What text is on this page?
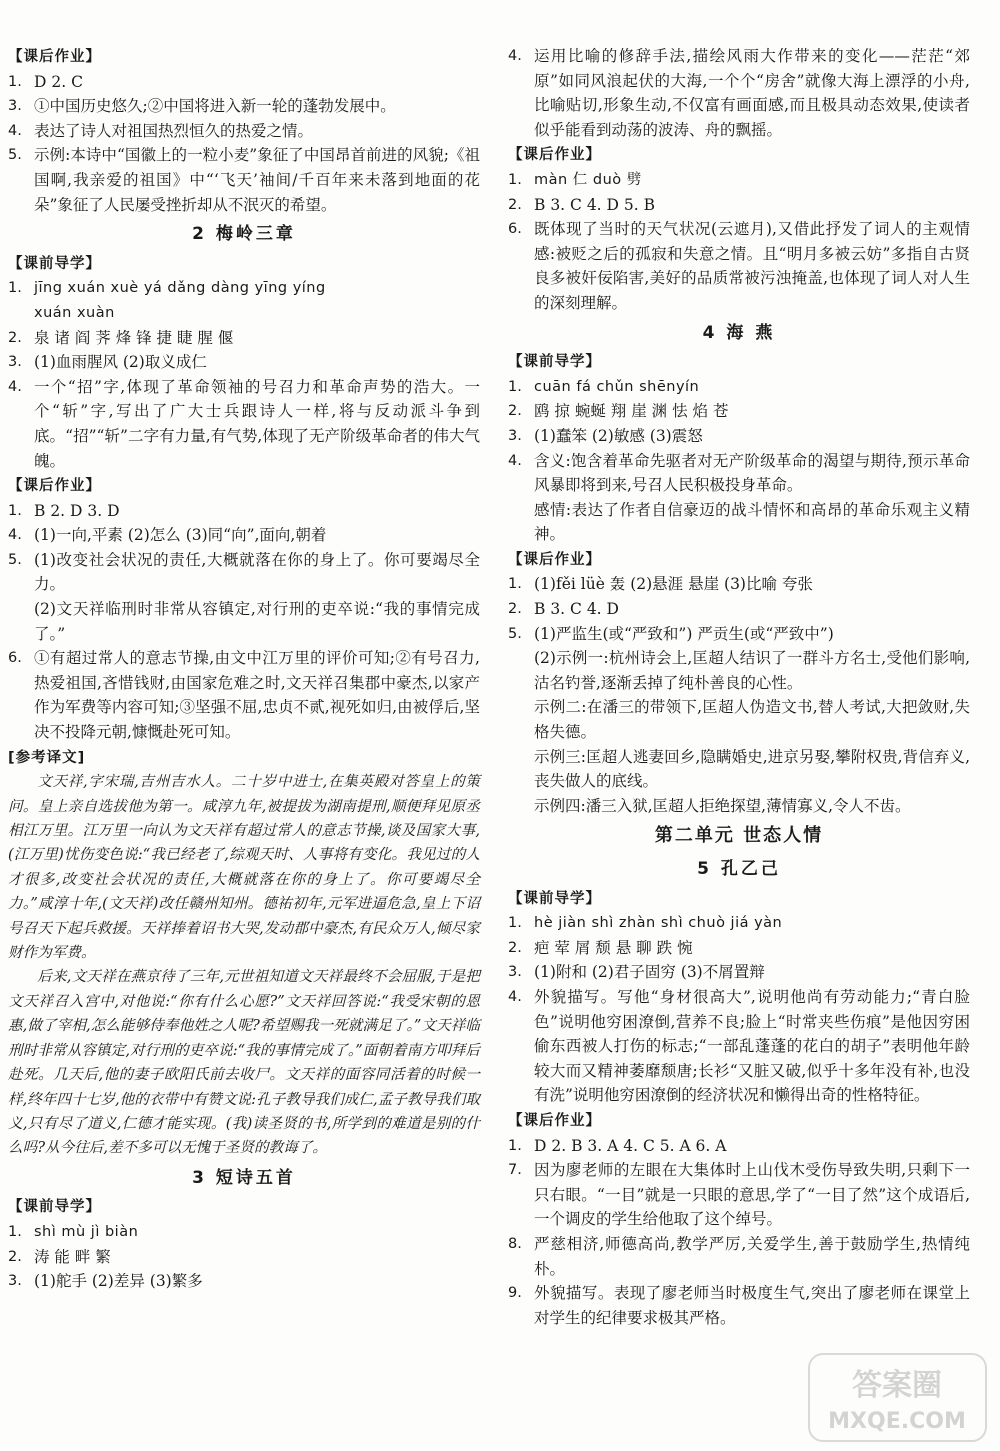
【课后作业】
1. D 2. C
3. ①中国历史悠久;②中国将进入新一轮的蓬勃发展中。
4. 表达了诗人对祖国热烈恒久的热爱之情。
5. 示例:本诗中“国徽上的一粒小麦”象征了中国昂首前进的风貌;《祖国啊,我亲爱的祖国》中“‘飞天’袖间/千百年来未落到地面的花朵”象征了人民屡受挫折却从不泯灭的希望。
2 梅岭三章
【课前导学】
1. jīng xuán xuè yá dǎng dàng yīng yíng
xuán xuàn
2. 泉 诸 阎 荠 烽 锋 捷 睫 腥 偃
3. (1)血雨腥风 (2)取义成仁
4. 一个“招”字,体现了革命领袖的号召力和革命声势的浩大。一个“斩”字,写出了广大士兵跟诗人一样,将与反动派斗争到底。“招”“斩”二字有力量,有气势,体现了无产阶级革命者的伟大气魄。
【课后作业】
1. B 2. D 3. D
4. (1)一向,平素 (2)怎么 (3)同“向”,面向,朝着
5. (1)改变社会状况的责任,大概就落在你的身上了。你可要竭尽全力。
(2)文天祥临刑时非常从容镇定,对行刑的吏卒说:“我的事情完成了。”
6. ①有超过常人的意志节操,由文中江万里的评价可知;②有号召力,热爱祖国,吝惜钱财,由国家危难之时,文天祥召集郡中豪杰,以家产作为军费等内容可知;③坚强不屈,忠贞不贰,视死如归,由被俘后,坚决不投降元朝,慷慨赴死可知。
[参考译文]
文天祥,字宋瑞,吉州吉水人。二十岁中进士,在集英殿对答皇上的策问。皇上亲自选拔他为第一。咸淳九年,被提拔为湖南提刑,顺便拜见原丞相江万里。江万里一向认为文天祥有超过常人的意志节操,谈及国家大事,(江万里)忧伤变色说:“我已经老了,综观天时、人事将有变化。我见过的人才很多,改变社会状况的责任,大概就落在你的身上了。你可要竭尽全力。”咸淳十年,(文天祥)改任赣州知州。德祐初年,元军进逼危急,皇上下诏号召天下起兵救援。天祥捧着诏书大哭,发动郡中豪杰,有民众万人,倾尽家财作为军费。
后来,文天祥在燕京待了三年,元世祖知道文天祥最终不会屈服,于是把文天祥召入宫中,对他说:“你有什么心愿?”文天祥回答说:“我受宋朝的恩惠,做了宰相,怎么能够侍奉他姓之人呢?希望赐我一死就满足了。”文天祥临刑时非常从容镇定,对行刑的吏卒说:“我的事情完成了。”面朝着南方叩拜后赴死。几天后,他的妻子欧阳氏前去收尸。文天祥的面容同活着的时候一样,终年四十七岁,他的衣带中有赞文说:孔子教导我们成仁,孟子教导我们取义,只有尽了道义,仁德才能实现。(我)读圣贤的书,所学到的难道是别的什么吗?从今往后,差不多可以无愧于圣贤的教诲了。
3 短诗五首
【课前导学】
1. shì mù jì biàn
2. 涛 能 畔 繁
3. (1)舵手 (2)差异 (3)繁多
4. 运用比喻的修辞手法,描绘风雨大作带来的变化——茫茫“郊原”如同风浪起伏的大海,一个个“房舍”就像大海上漂浮的小舟,比喻贴切,形象生动,不仅富有画面感,而且极具动态效果,使读者似乎能看到动荡的波涛、舟的飘摇。
【课后作业】
1. màn 仁 duò 劈
2. B 3. C 4. D 5. B
6. 既体现了当时的天气状况(云遮月),又借此抒发了词人的主观情感:被贬之后的孤寂和失意之情。且“明月多被云妨”多指自古贤良多被奸佞陷害,美好的品质常被污浊掩盖,也体现了词人对人生的深刻理解。
4 海 燕
【课前导学】
1. cuān fá chǔn shēnyín
2. 鸥 掠 蜿蜒 翔 崖 渊 怯 焰 苍
3. (1)蠢笨 (2)敏感 (3)震怒
4. 含义:饱含着革命先驱者对无产阶级革命的渴望与期待,预示革命风暴即将到来,号召人民积极投身革命。
感情:表达了作者自信豪迈的战斗情怀和高昂的革命乐观主义精神。
【课后作业】
1. (1)fěi lüè 轰 (2)悬涯 悬崖 (3)比喻 夸张
2. B 3. C 4. D
5. (1)严监生(或“严致和”) 严贡生(或“严致中”)
(2)示例一:杭州诗会上,匡超人结识了一群斗方名士,受他们影响,沽名钓誉,逐渐丢掉了纯朴善良的心性。
示例二:在潘三的带领下,匡超人伪造文书,替人考试,大把敛财,失格失德。
示例三:匡超人逃妻回乡,隐瞒婚史,进京另娶,攀附权贵,背信弃义,丧失做人的底线。
示例四:潘三入狱,匡超人拒绝探望,薄情寡义,令人不齿。
第二单元 世态人情
5 孔乙己
【课前导学】
1. hè jiàn shì zhàn shì chuò jiá yàn
2. 疤 荤 屑 颓 悬 聊 跌 惋
3. (1)附和 (2)君子固穷 (3)不屑置辩
4. 外貌描写。写他“身材很高大”,说明他尚有劳动能力;“青白脸色”说明他穷困潦倒,营养不良;脸上“时常夹些伤痕”是他因穷困偷东西被人打伤的标志;“一部乱蓬蓬的花白的胡子”表明他年龄较大而又精神萎靡颓唐;长衫“又脏又破,似乎十多年没有补,也没有洗”说明他穷困潦倒的经济状况和懒得出奇的性格特征。
【课后作业】
1. D 2. B 3. A 4. C 5. A 6. A
7. 因为廖老师的左眼在大集体时上山伐木受伤导致失明,只剩下一只右眼。“一目”就是一只眼的意思,学了“一目了然”这个成语后,一个调皮的学生给他取了这个绰号。
8. 严慈相济,师德高尚,教学严厉,关爱学生,善于鼓励学生,热情纯朴。
9. 外貌描写。表现了廖老师当时极度生气,突出了廖老师在课堂上对学生的纪律要求极其严格。
答案圈
MXQE.COM
